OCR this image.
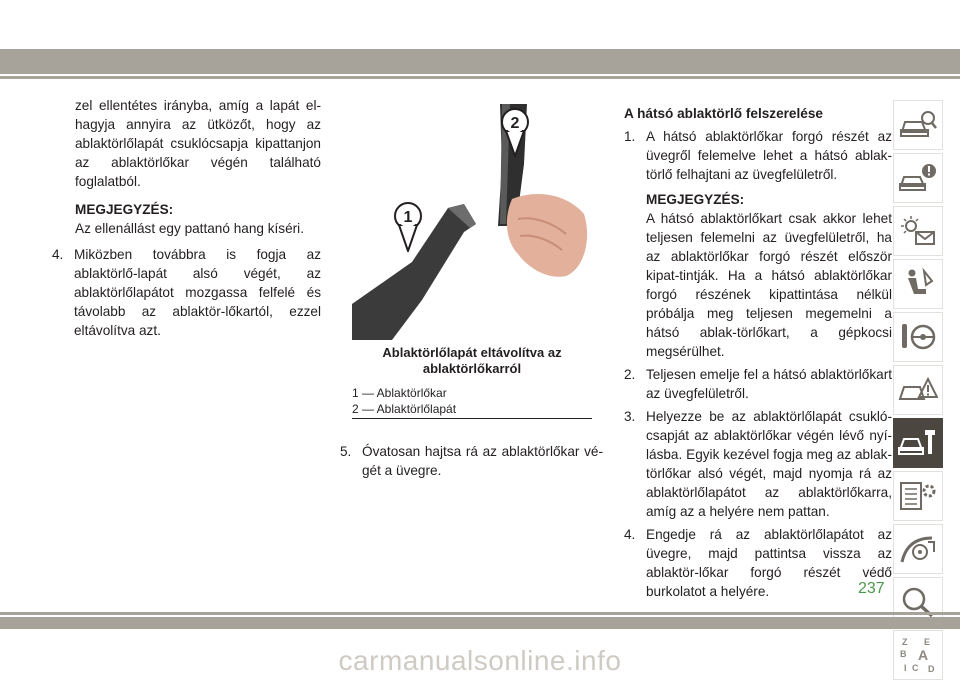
zel ellentétes irányba, amíg a lapát el-hagyja annyira az ütközőt, hogy az ablaktörlőlapát csuklócsapja kipattanjon az ablaktörlőkar végén található foglalatból.

MEGJEGYZÉS:

Az ellenállást egy pattanó hang kíséri.

4. Miközben továbbra is fogja az ablaktörlő-lapát alsó végét, az ablaktörlőlapátot mozgassa felfelé és távolabb az ablaktör-lőkartól, ezzel eltávolítva azt.

1
2
Ablaktörlőlapát eltávolítva az ablaktörlőkarról
1 — Ablaktörlőkar
2 — Ablaktörlőlapát
5. Óvatosan hajtsa rá az ablaktörlőkar vé-gét a üvegre.

A hátsó ablaktörlő felszerelése

1. A hátsó ablaktörlőkar forgó részét az üvegről felemelve lehet a hátsó ablak-törlő felhajtani az üvegfelületről.

MEGJEGYZÉS:

A hátsó ablaktörlőkart csak akkor lehet teljesen felemelni az üvegfelületről, ha az ablaktörlőkar forgó részét először kipat-tintják. Ha a hátsó ablaktörlőkar forgó részének kipattintása nélkül próbálja meg teljesen megemelni a hátsó ablak-törlőkart, a gépkocsi megsérülhet.

2. Teljesen emelje fel a hátsó ablaktörlőkart az üvegfelületről.

3. Helyezze be az ablaktörlőlapát csukló-csapját az ablaktörlőkar végén lévő nyí-lásba. Egyik kezével fogja meg az ablak-törlőkar alsó végét, majd nyomja rá az ablaktörlőlapátot az ablaktörlőkarra, amíg az a helyére nem pattan.

4. Engedje rá az ablaktörlőlapátot az üvegre, majd pattintsa vissza az ablaktör-lőkar forgó részét védő burkolatot a helyére.

Z E
B A
I C D
237
carmanualsonline.info
